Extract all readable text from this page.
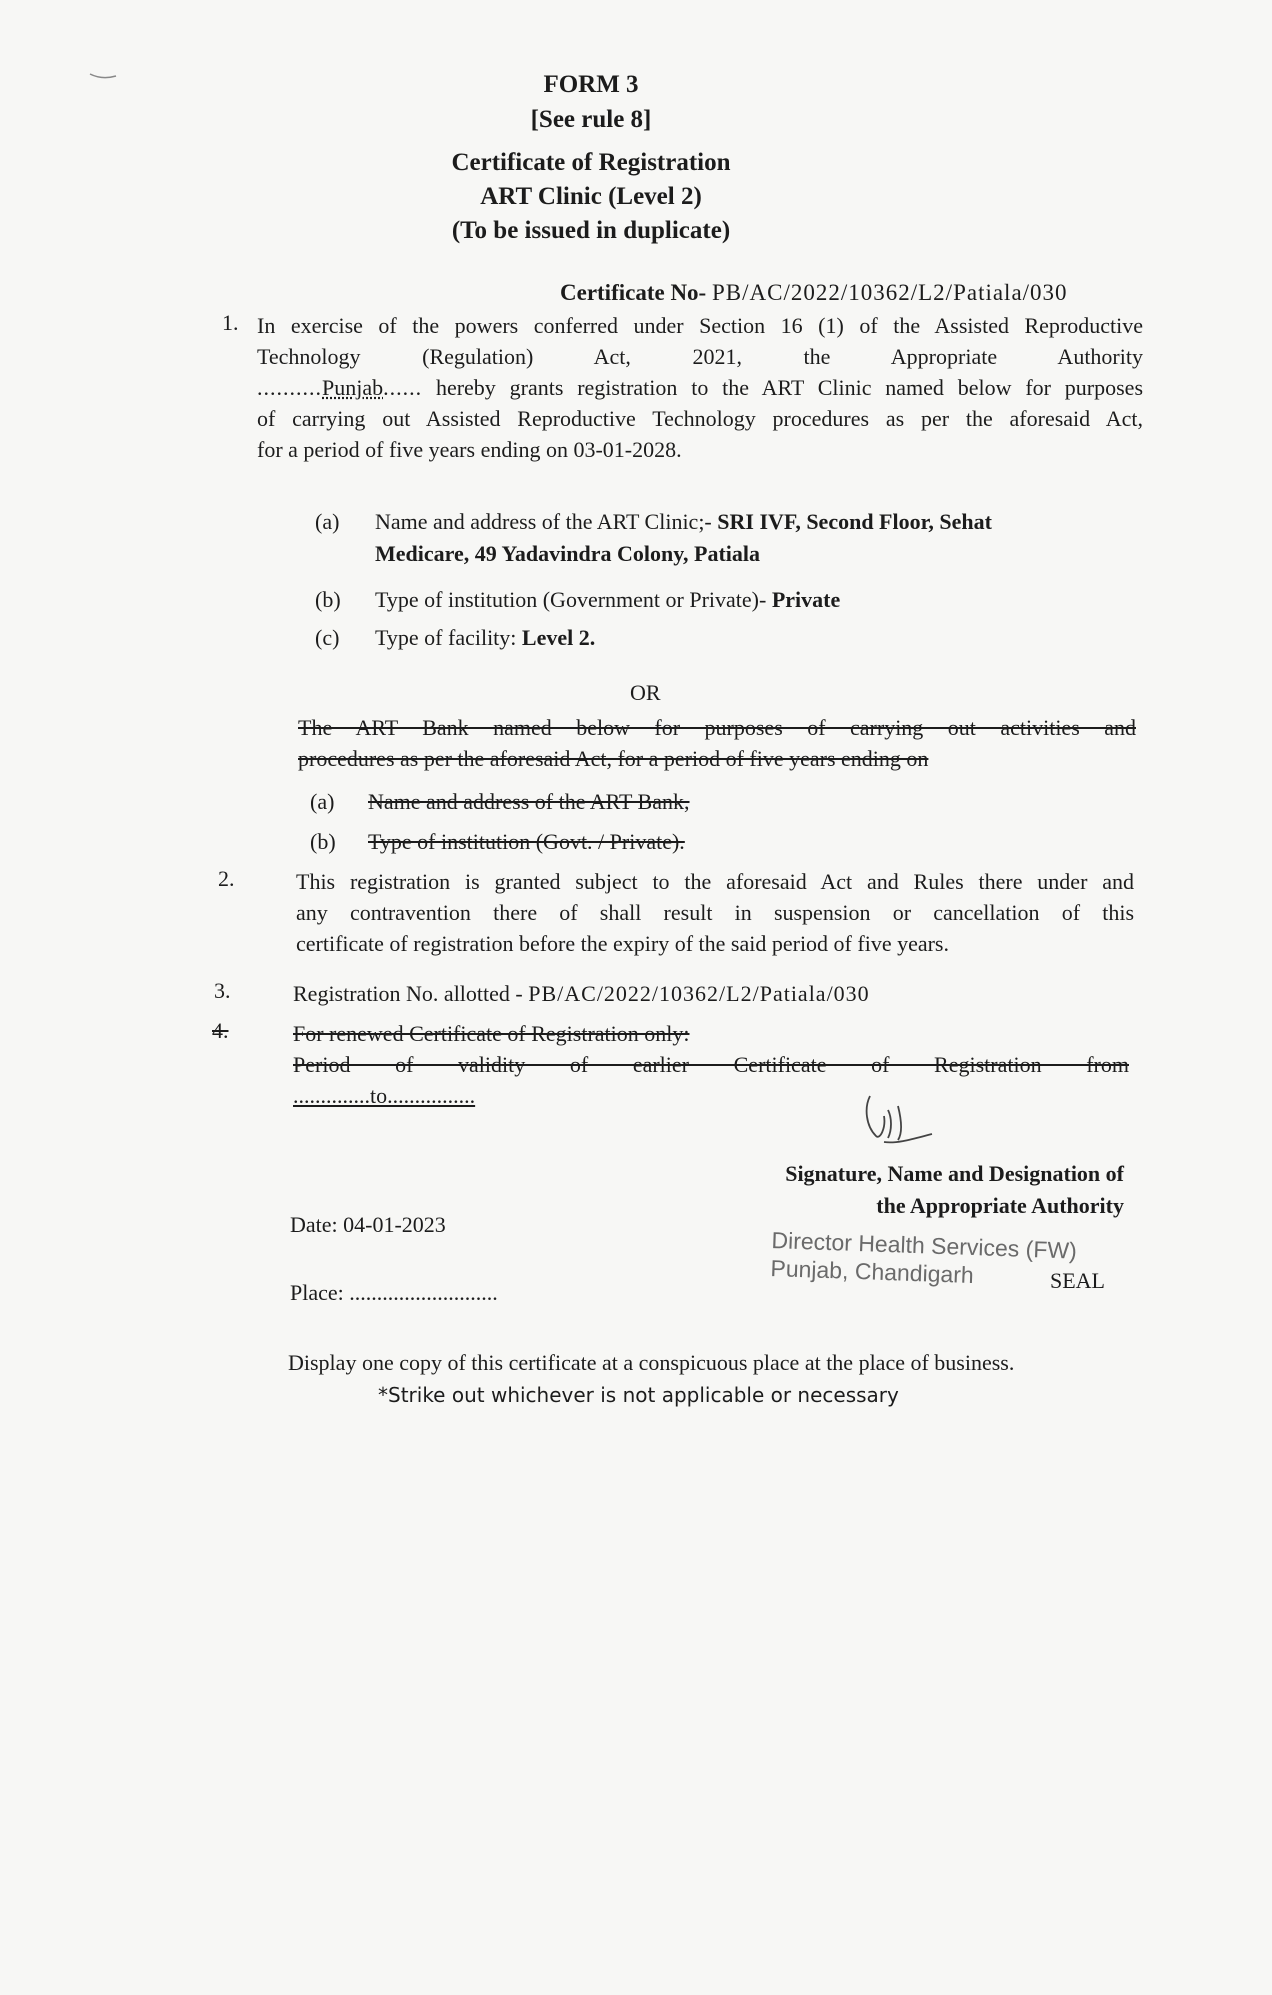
FORM 3
[See rule 8]
Certificate of Registration
ART Clinic (Level 2)
(To be issued in duplicate)
Certificate No- PB/AC/2022/10362/L2/Patiala/030
1. In exercise of the powers conferred under Section 16 (1) of the Assisted Reproductive
Technology (Regulation) Act, 2021, the Appropriate Authority
..........Punjab...... hereby grants registration to the ART Clinic named below for purposes
of carrying out Assisted Reproductive Technology procedures as per the aforesaid Act,
for a period of five years ending on 03-01-2028.
(a)	Name and address of the ART Clinic;- SRI IVF, Second Floor, Sehat
Medicare, 49 Yadavindra Colony, Patiala
(b)	Type of institution (Government or Private)- Private
(c)	Type of facility: Level 2.
OR
The ART Bank named below for purposes of carrying out activities and
procedures as per the aforesaid Act, for a period of five years ending on
(a)	Name and address of the ART Bank,
(b)	Type of institution (Govt. / Private).
2.	This registration is granted subject to the aforesaid Act and Rules there under and
any contravention there of shall result in suspension or cancellation of this
certificate of registration before the expiry of the said period of five years.
3.	Registration No. allotted - PB/AC/2022/10362/L2/Patiala/030
4.	For renewed Certificate of Registration only:
Period of validity of earlier Certificate of Registration from
..............to................
Signature, Name and Designation of
the Appropriate Authority
Date: 04-01-2023
Director Health Services (FW)
Punjab, Chandigarh	SEAL
Place: ...........................
Display one copy of this certificate at a conspicuous place at the place of business.
*Strike out whichever is not applicable or necessary
